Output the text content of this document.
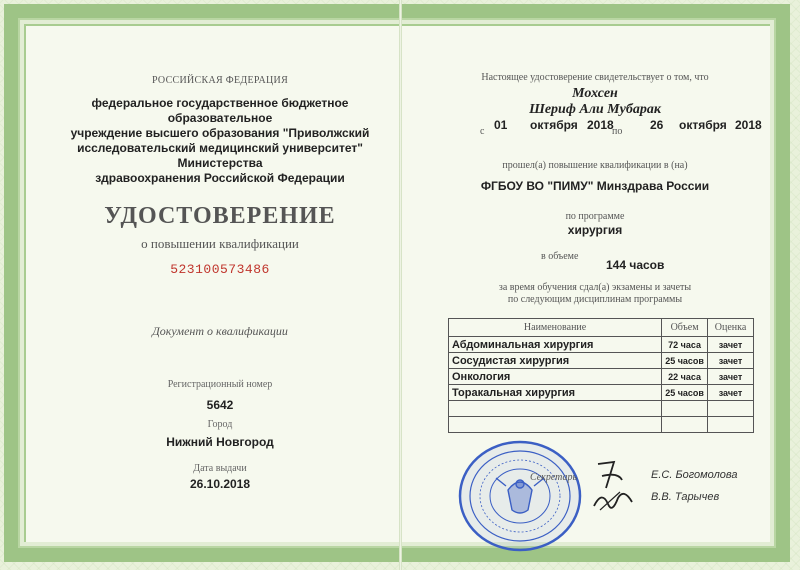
РОССИЙСКАЯ ФЕДЕРАЦИЯ
федеральное государственное бюджетное образовательное
учреждение высшего образования "Приволжский
исследовательский медицинский университет" Министерства
здравоохранения Российской Федерации
УДОСТОВЕРЕНИЕ
о повышении квалификации
523100573486
Документ о квалификации
Регистрационный номер
5642
Город
Нижний Новгород
Дата выдачи
26.10.2018
Настоящее удостоверение свидетельствует о том, что
Мохсен
Шериф Али Мубарак
с 01 октября 2018
по 26 октября 2018
прошел(а) повышение квалификации в (на)
ФГБОУ ВО "ПИМУ" Минздрава России
по программе
хирургия
в объеме
144 часов
за время обучения сдал(а) экзамены и зачеты
по следующим дисциплинам программы
Наименование	Объем	Оценка
Абдоминальная хирургия	72 часа	зачет
Сосудистая хирургия	25 часов	зачет
Онкология	22 часа	зачет
Торакальная хирургия	25 часов	зачет

Секретарь	Е.С. Богомолова
В.В. Тарычев
